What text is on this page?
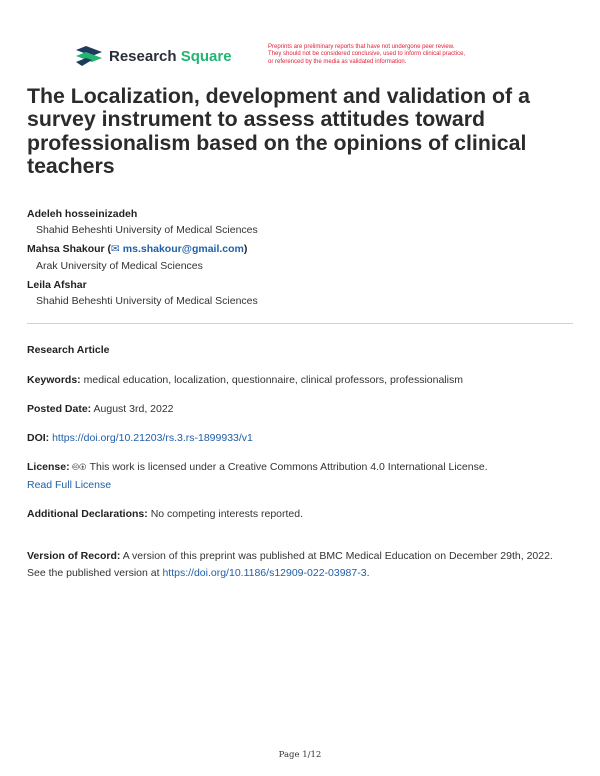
Research Square
Preprints are preliminary reports that have not undergone peer review.
They should not be considered conclusive, used to inform clinical practice,
or referenced by the media as validated information.
The Localization, development and validation of a survey instrument to assess attitudes toward professionalism based on the opinions of clinical teachers
Adeleh hosseinizadeh
Shahid Beheshti University of Medical Sciences
Mahsa Shakour (✉ ms.shakour@gmail.com)
Arak University of Medical Sciences
Leila Afshar
Shahid Beheshti University of Medical Sciences
Research Article
Keywords: medical education, localization, questionnaire, clinical professors, professionalism
Posted Date: August 3rd, 2022
DOI: https://doi.org/10.21203/rs.3.rs-1899933/v1
License: 🅭🅯 This work is licensed under a Creative Commons Attribution 4.0 International License.
Read Full License
Additional Declarations: No competing interests reported.
Version of Record: A version of this preprint was published at BMC Medical Education on December 29th, 2022. See the published version at https://doi.org/10.1186/s12909-022-03987-3.
Page 1/12
